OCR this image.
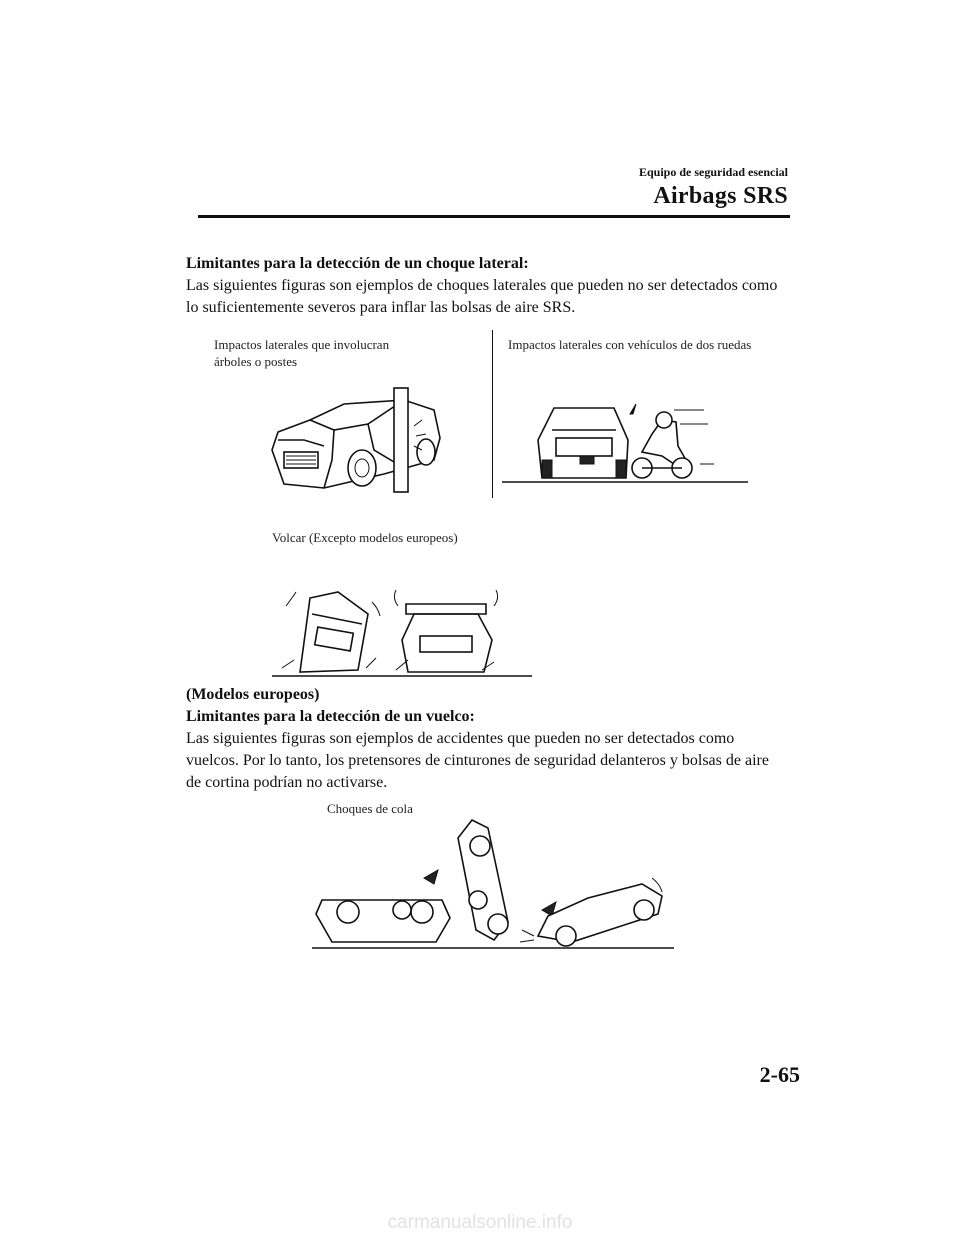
Equipo de seguridad esencial
Airbags SRS
Limitantes para la detección de un choque lateral:
Las siguientes figuras son ejemplos de choques laterales que pueden no ser detectados como
lo suficientemente severos para inflar las bolsas de aire SRS.
Impactos laterales que involucran
árboles o postes
Impactos laterales con vehículos de dos ruedas
Volcar (Excepto modelos europeos)
(Modelos europeos)
Limitantes para la detección de un vuelco:
Las siguientes figuras son ejemplos de accidentes que pueden no ser detectados como
vuelcos. Por lo tanto, los pretensores de cinturones de seguridad delanteros y bolsas de aire
de cortina podrían no activarse.
Choques de cola
2-65
carmanualsonline.info
